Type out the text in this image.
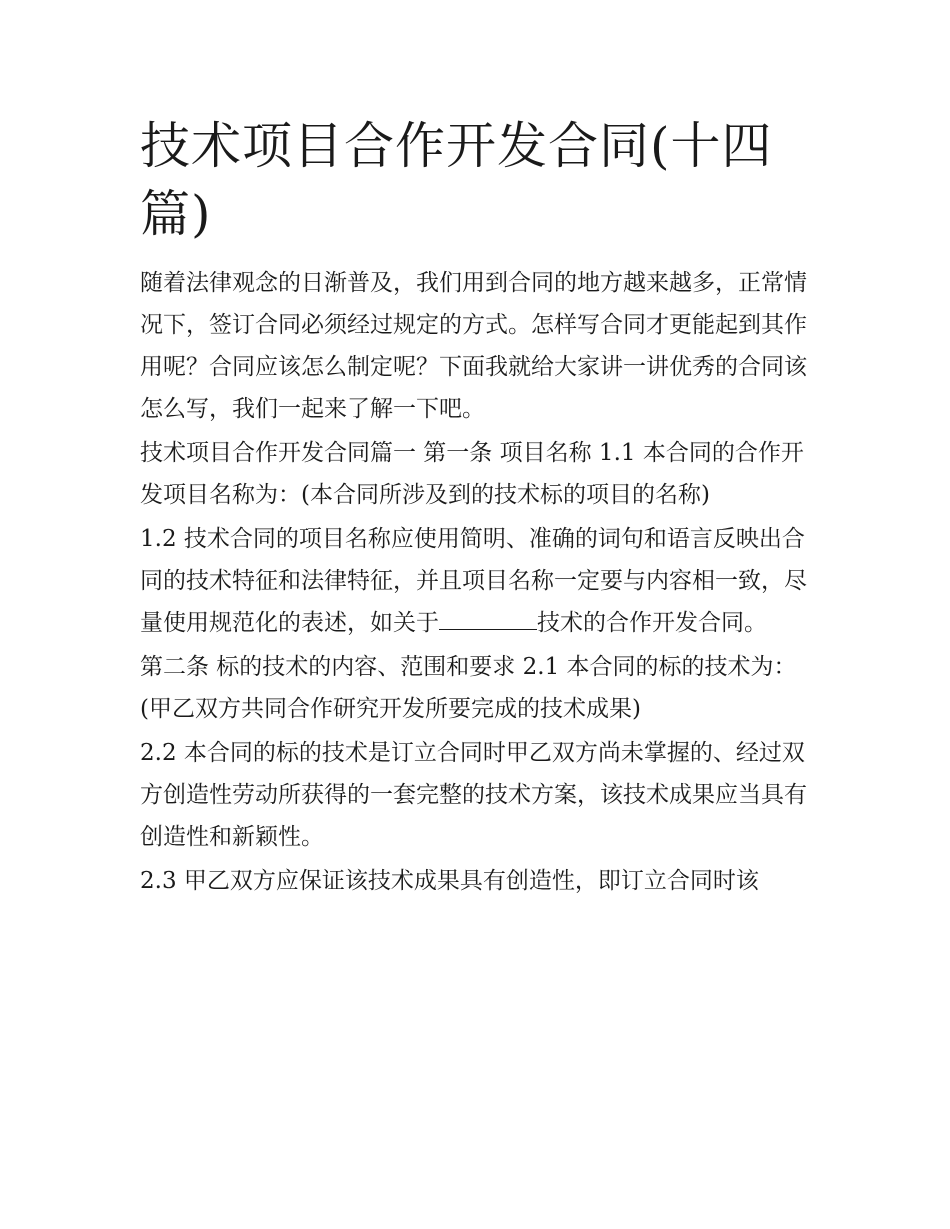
技术项目合作开发合同(十四篇)

随着法律观念的日渐普及，我们用到合同的地方越来越多，正常情况下，签订合同必须经过规定的方式。怎样写合同才更能起到其作用呢？合同应该怎么制定呢？下面我就给大家讲一讲优秀的合同该怎么写，我们一起来了解一下吧。

技术项目合作开发合同篇一 第一条 项目名称 1.1 本合同的合作开发项目名称为：(本合同所涉及到的技术标的项目的名称)

1.2 技术合同的项目名称应使用简明、准确的词句和语言反映出合同的技术特征和法律特征，并且项目名称一定要与内容相一致，尽量使用规范化的表述，如关于	技术的合作开发合同。

第二条 标的技术的内容、范围和要求 2.1 本合同的标的技术为：(甲乙双方共同合作研究开发所要完成的技术成果)

2.2 本合同的标的技术是订立合同时甲乙双方尚未掌握的、经过双方创造性劳动所获得的一套完整的技术方案，该技术成果应当具有创造性和新颖性。

2.3 甲乙双方应保证该技术成果具有创造性，即订立合同时该
